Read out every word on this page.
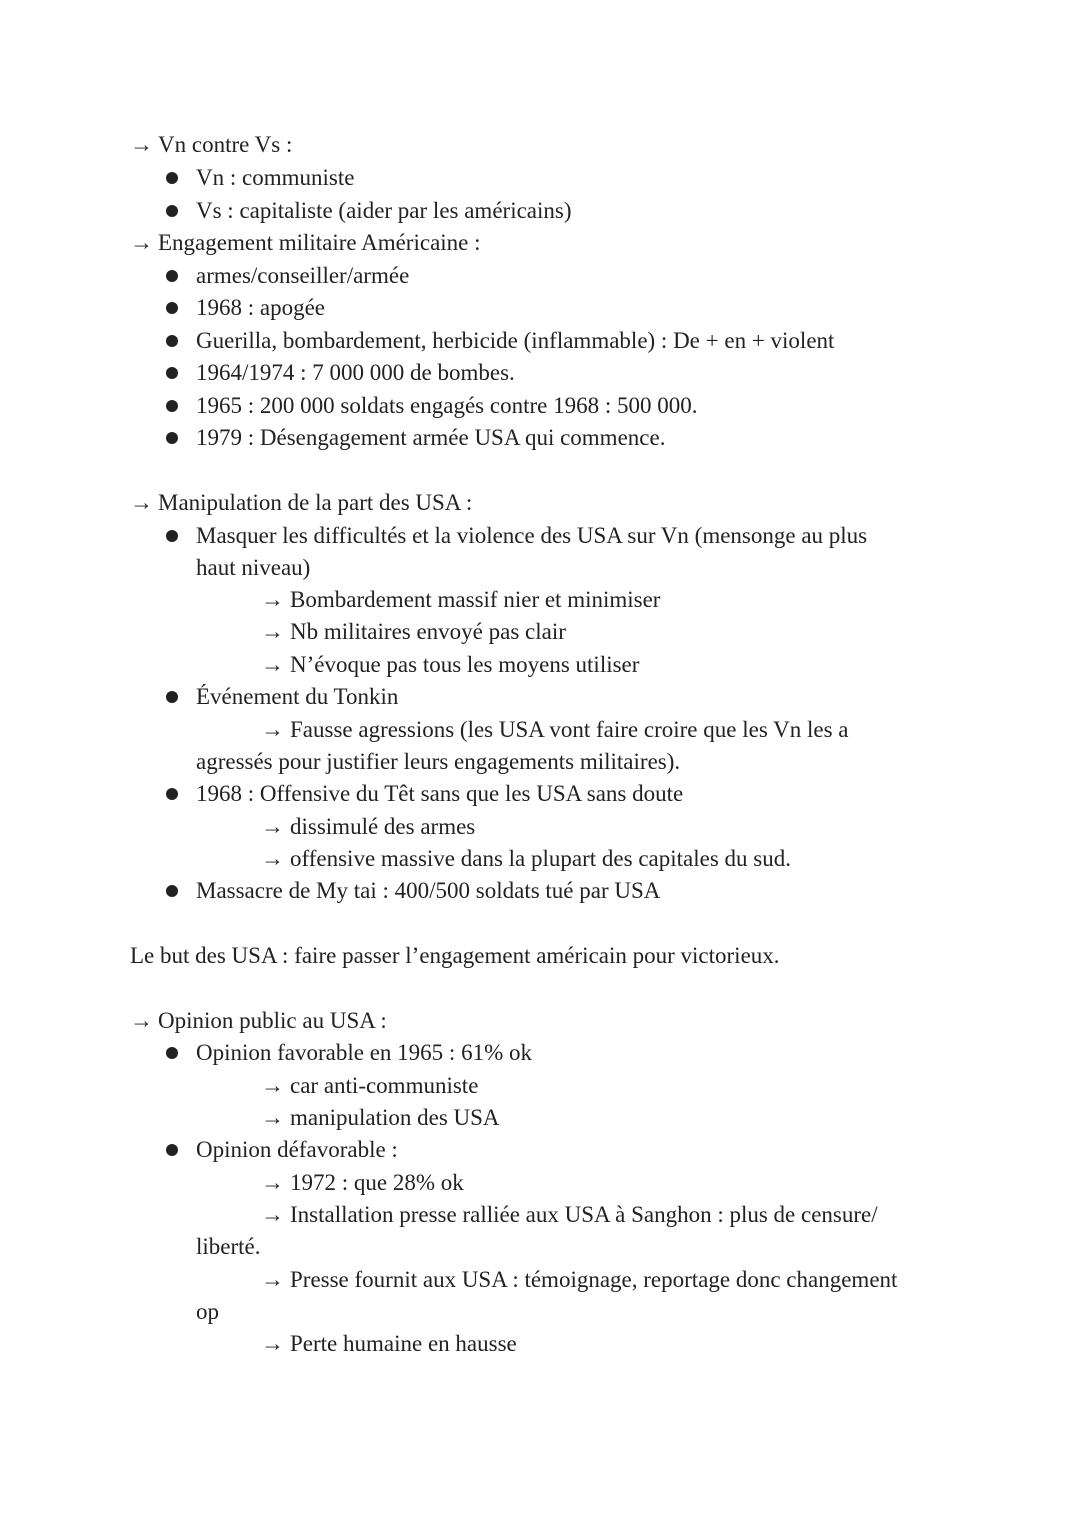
→ Vn contre Vs :
Vn : communiste
Vs : capitaliste (aider par les américains)
→ Engagement militaire Américaine :
armes/conseiller/armée
1968 : apogée
Guerilla, bombardement, herbicide (inflammable) : De + en + violent
1964/1974 : 7 000 000 de bombes.
1965 : 200 000 soldats engagés contre 1968 : 500 000.
1979 : Désengagement armée USA qui commence.
→ Manipulation de la part des USA :
Masquer les difficultés et la violence des USA sur Vn (mensonge au plus
haut niveau)
→ Bombardement massif nier et minimiser
→ Nb militaires envoyé pas clair
→ N’évoque pas tous les moyens utiliser
Événement du Tonkin
→ Fausse agressions (les USA vont faire croire que les Vn les a
agressés pour justifier leurs engagements militaires).
1968 : Offensive du Têt sans que les USA sans doute
→ dissimulé des armes
→ offensive massive dans la plupart des capitales du sud.
Massacre de My tai : 400/500 soldats tué par USA
Le but des USA : faire passer l’engagement américain pour victorieux.
→ Opinion public au USA :
Opinion favorable en 1965 : 61% ok
→ car anti-communiste
→ manipulation des USA
Opinion défavorable :
→ 1972 : que 28% ok
→ Installation presse ralliée aux USA à Sanghon : plus de censure/
liberté.
→ Presse fournit aux USA : témoignage, reportage donc changement
op
→ Perte humaine en hausse
